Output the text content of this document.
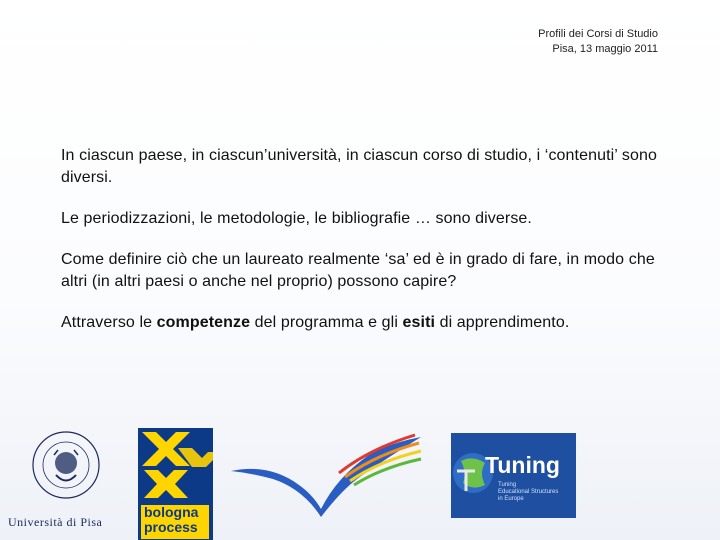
Profili dei Corsi di Studio
Pisa, 13 maggio 2011

In ciascun paese, in ciascun’università, in ciascun corso di studio, i ‘contenuti’ sono diversi.

Le periodizzazioni, le metodologie, le bibliografie … sono diverse.

Come definire ciò che un laureato realmente ‘sa’ ed è in grado di fare, in modo che altri (in altri paesi o anche nel proprio) possono capire?

Attraverso le competenze del programma e gli esiti di apprendimento.

Università di Pisa
bologna
process
Tuning
Tuning
Educational Structures
in Europe
